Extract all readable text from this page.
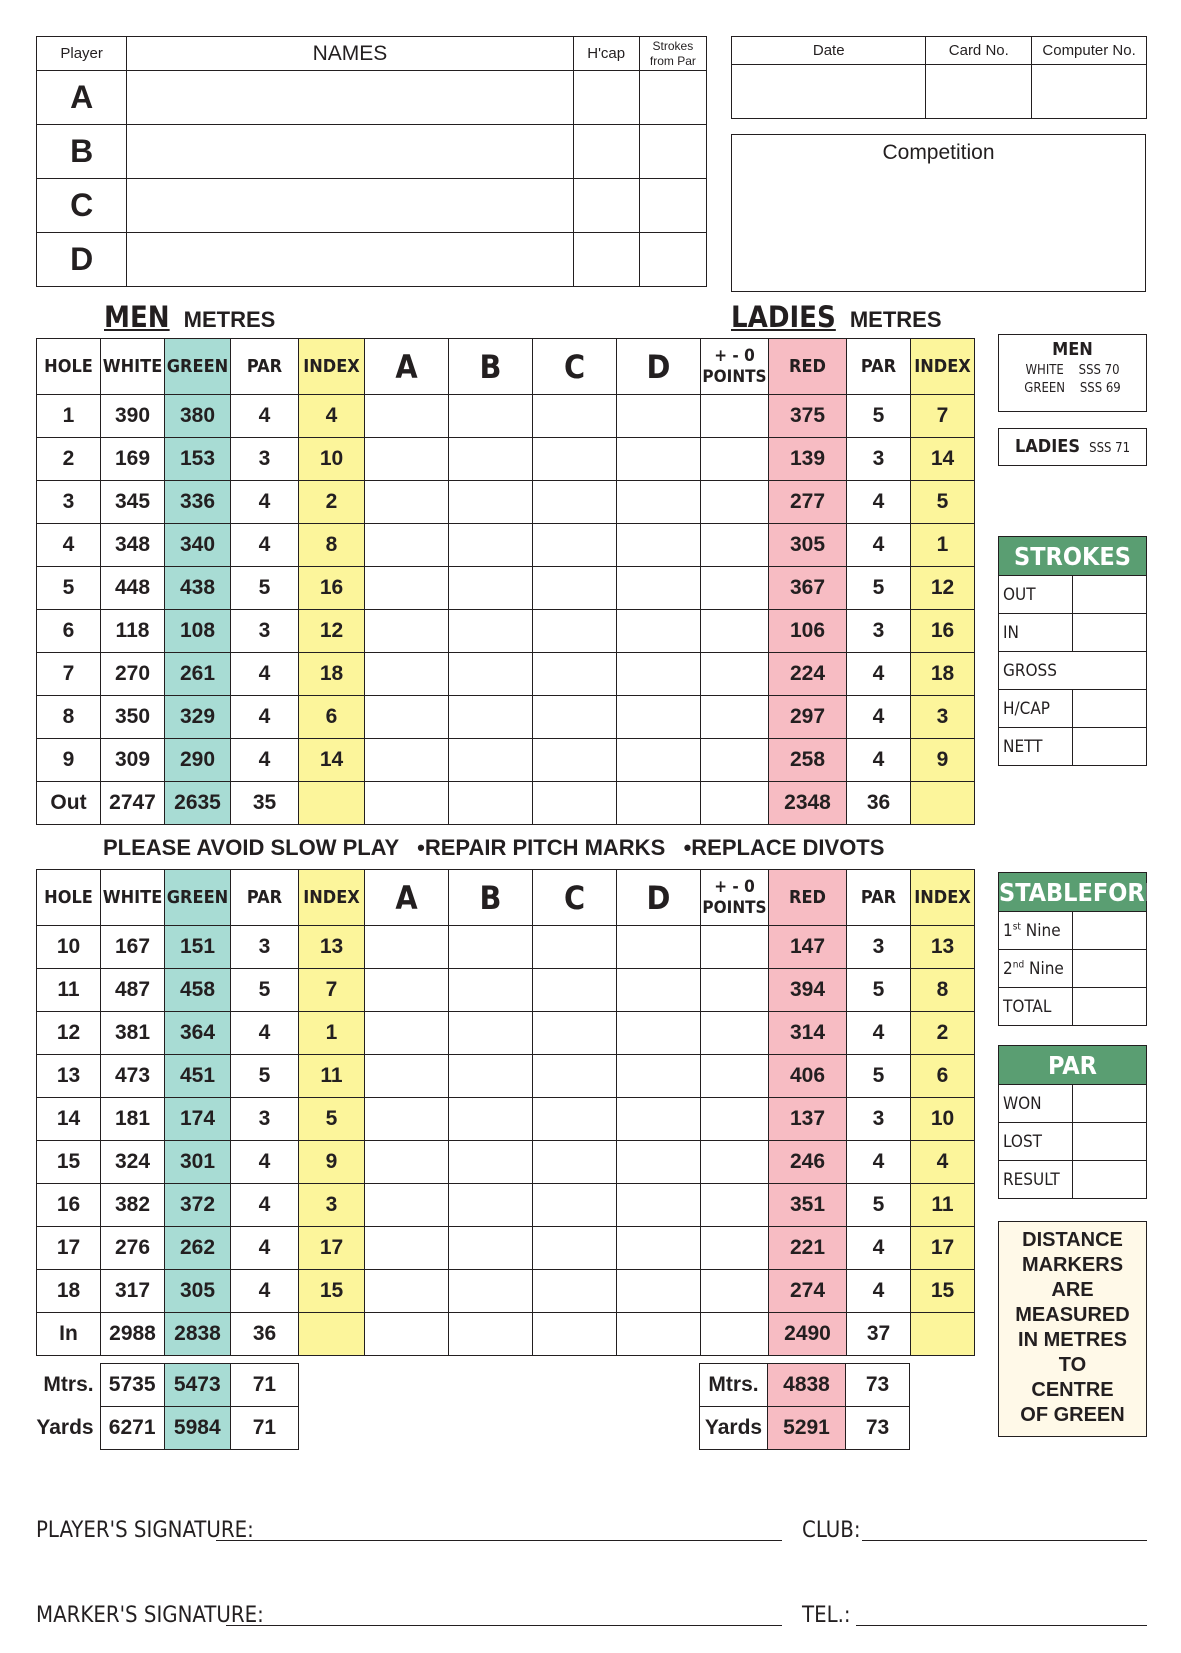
Player	NAMES	H'cap	Strokes
from Par
A			
B			
C			
D			
Date	Card No.	Computer No.

Competition
MEN METRES	LADIES METRES
HOLE	WHITE	GREEN	PAR	INDEX	A	B	C	D	+ - 0
POINTS	RED	PAR	INDEX
1	390	380	4	4						375	5	7
2	169	153	3	10						139	3	14
3	345	336	4	2						277	4	5
4	348	340	4	8						305	4	1
5	448	438	5	16						367	5	12
6	118	108	3	12						106	3	16
7	270	261	4	18						224	4	18
8	350	329	4	6						297	4	3
9	309	290	4	14						258	4	9
Out	2747	2635	35							2348	36	
PLEASE AVOID SLOW PLAY   •REPAIR PITCH MARKS   •REPLACE DIVOTS
HOLE	WHITE	GREEN	PAR	INDEX	A	B	C	D	+ - 0
POINTS	RED	PAR	INDEX
10	167	151	3	13						147	3	13
11	487	458	5	7						394	5	8
12	381	364	4	1						314	4	2
13	473	451	5	11						406	5	6
14	181	174	3	5						137	3	10
15	324	301	4	9						246	4	4
16	382	372	4	3						351	5	11
17	276	262	4	17						221	4	17
18	317	305	4	15						274	4	15
In	2988	2838	36							2490	37	
Mtrs.	5735	5473	71
Yards	6271	5984	71
Mtrs.	4838	73
Yards	5291	73
MEN
WHITE SSS 70
GREEN SSS 69
LADIES SSS 71
STROKES	
OUT	
IN	
GROSS	
H/CAP	
NETT	
STABLEFORD	
1st Nine	
2nd Nine	
TOTAL	
PAR	
WON	
LOST	
RESULT	
DISTANCE
MARKERS
ARE
MEASURED
IN METRES
TO
CENTRE
OF GREEN
PLAYER'S SIGNATURE:	CLUB:
MARKER'S SIGNATURE:	TEL.:
